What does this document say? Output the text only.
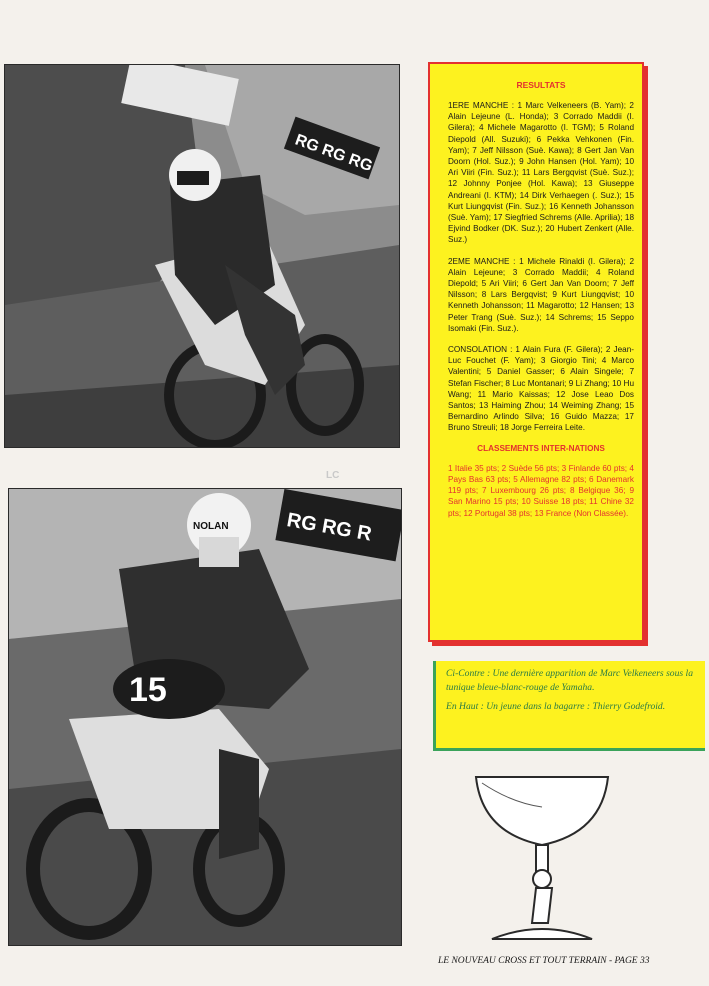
RG RG RG
RG RG R
15
NOLAN
LC
RESULTATS

1ERE MANCHE : 1 Marc Velkeneers (B. Yam); 2 Alain Lejeune (L. Honda); 3 Corrado Maddii (I. Gilera); 4 Michele Magarotto (I. TGM); 5 Roland Diepold (All. Suzuki); 6 Pekka Vehkonen (Fin. Yam); 7 Jeff Nilsson (Suè. Kawa); 8 Gert Jan Van Doorn (Hol. Suz.); 9 John Hansen (Hol. Yam); 10 Ari Viiri (Fin. Suz.); 11 Lars Bergqvist (Suè. Suz.); 12 Johnny Ponjee (Hol. Kawa); 13 Giuseppe Andreani (I. KTM); 14 Dirk Verhaegen (. Suz.); 15 Kurt Liungqvist (Fin. Suz.); 16 Kenneth Johansson (Suè. Yam); 17 Siegfried Schrems (Alle. Aprilia); 18 Ejvind Bodker (DK. Suz.); 20 Hubert Zenkert (Alle. Suz.)

2EME MANCHE : 1 Michele Rinaldi (I. Gilera); 2 Alain Lejeune; 3 Corrado Maddii; 4 Roland Diepold; 5 Ari Viiri; 6 Gert Jan Van Doorn; 7 Jeff Nilsson; 8 Lars Bergqvist; 9 Kurt Liungqvist; 10 Kenneth Johansson; 11 Magarotto; 12 Hansen; 13 Peter Trang (Suè. Suz.); 14 Schrems; 15 Seppo Isomaki (Fin. Suz.).

CONSOLATION : 1 Alain Fura (F. Gilera); 2 Jean-Luc Fouchet (F. Yam); 3 Giorgio Tini; 4 Marco Valentini; 5 Daniel Gasser; 6 Alain Singele; 7 Stefan Fischer; 8 Luc Montanari; 9 Li Zhang; 10 Hu Wang; 11 Mario Kaissas; 12 Jose Leao Dos Santos; 13 Haiming Zhou; 14 Weiming Zhang; 15 Bernardino Arlindo Silva; 16 Guido Mazza; 17 Bruno Streuli; 18 Jorge Ferreira Leite.

CLASSEMENTS INTER-NATIONS

1 Italie 35 pts; 2 Suède 56 pts; 3 Finlande 60 pts; 4 Pays Bas 63 pts; 5 Allemagne 82 pts; 6 Danemark 119 pts; 7 Luxembourg 26 pts; 8 Belgique 36; 9 San Marino 15 pts; 10 Suisse 18 pts; 11 Chine 32 pts; 12 Portugal 38 pts; 13 France (Non Classée).

Ci-Contre : Une dernière apparition de Marc Velkeneers sous la tunique bleue-blanc-rouge de Yamaha.

En Haut : Un jeune dans la bagarre : Thierry Godefroid.

LE NOUVEAU CROSS ET TOUT TERRAIN - PAGE 33
